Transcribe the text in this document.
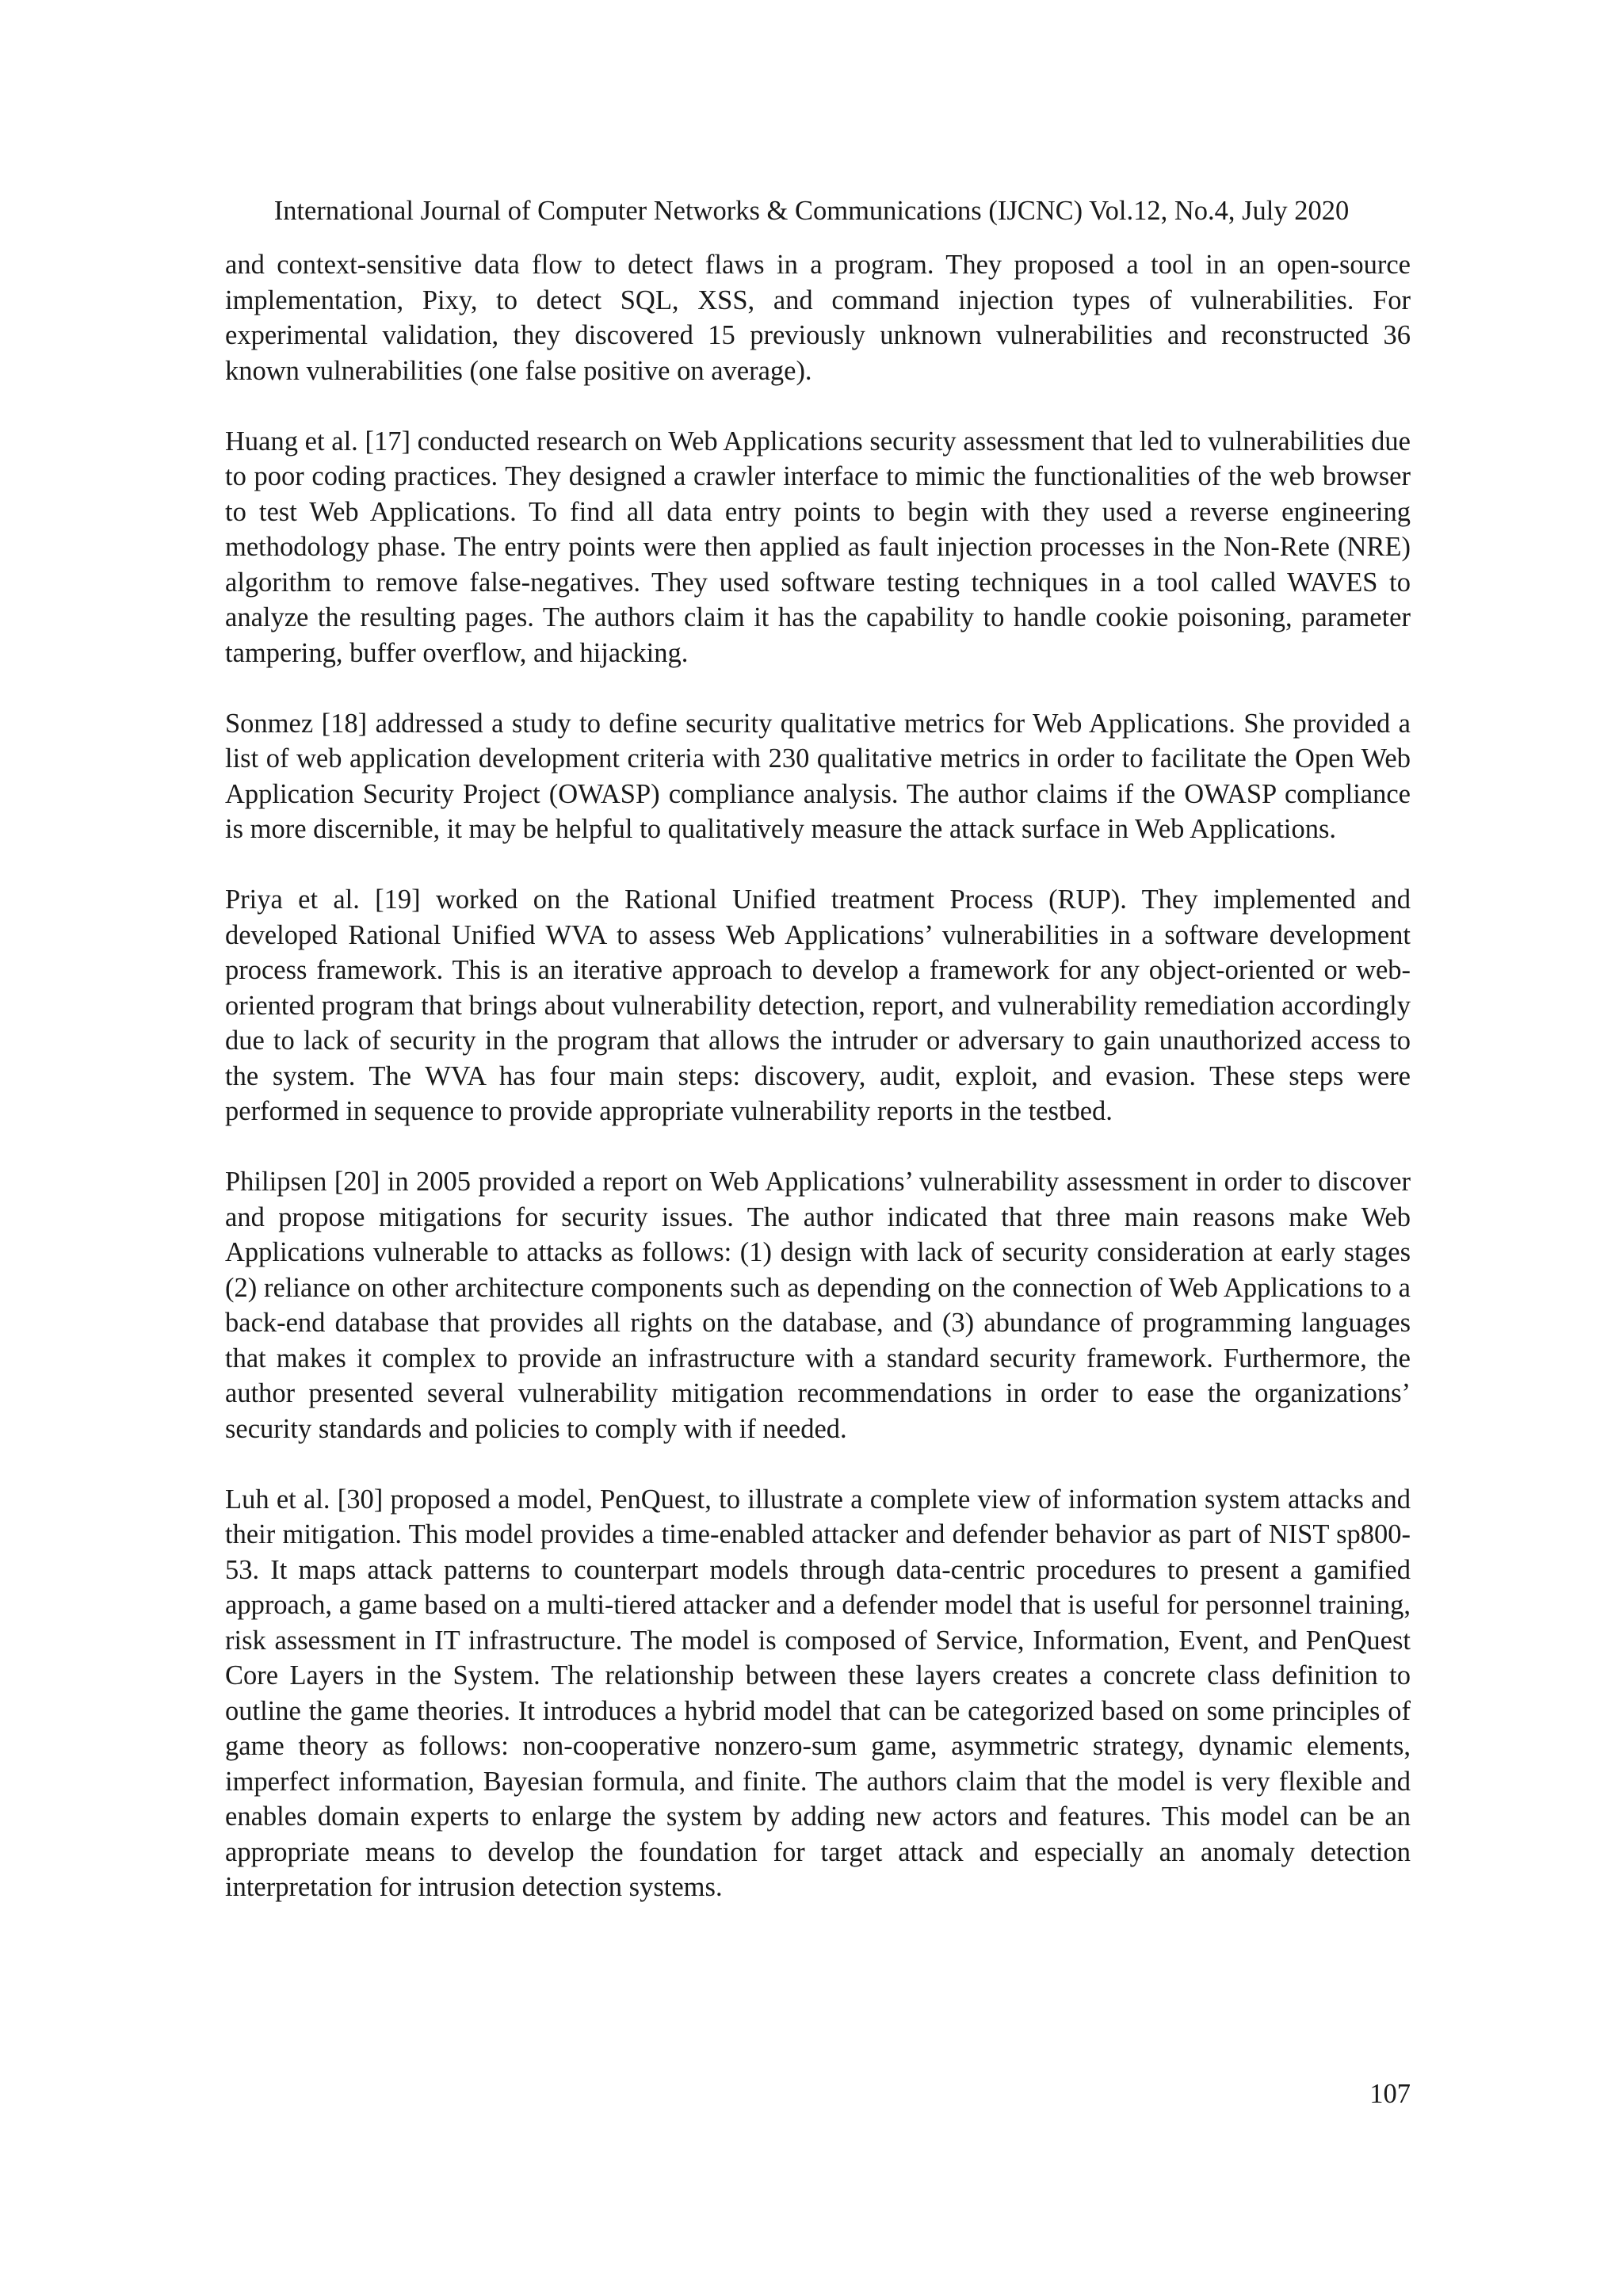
International Journal of Computer Networks & Communications (IJCNC) Vol.12, No.4, July 2020

and context-sensitive data flow to detect flaws in a program. They proposed a tool in an open-source implementation, Pixy, to detect SQL, XSS, and command injection types of vulnerabilities. For experimental validation, they discovered 15 previously unknown vulnerabilities and reconstructed 36 known vulnerabilities (one false positive on average).

Huang et al. [17] conducted research on Web Applications security assessment that led to vulnerabilities due to poor coding practices. They designed a crawler interface to mimic the functionalities of the web browser to test Web Applications. To find all data entry points to begin with they used a reverse engineering methodology phase. The entry points were then applied as fault injection processes in the Non-Rete (NRE) algorithm to remove false-negatives. They used software testing techniques in a tool called WAVES to analyze the resulting pages. The authors claim it has the capability to handle cookie poisoning, parameter tampering, buffer overflow, and hijacking.

Sonmez [18] addressed a study to define security qualitative metrics for Web Applications. She provided a list of web application development criteria with 230 qualitative metrics in order to facilitate the Open Web Application Security Project (OWASP) compliance analysis. The author claims if the OWASP compliance is more discernible, it may be helpful to qualitatively measure the attack surface in Web Applications.

Priya et al. [19] worked on the Rational Unified treatment Process (RUP). They implemented and developed Rational Unified WVA to assess Web Applications’ vulnerabilities in a software development process framework. This is an iterative approach to develop a framework for any object-oriented or web-oriented program that brings about vulnerability detection, report, and vulnerability remediation accordingly due to lack of security in the program that allows the intruder or adversary to gain unauthorized access to the system. The WVA has four main steps: discovery, audit, exploit, and evasion. These steps were performed in sequence to provide appropriate vulnerability reports in the testbed.

Philipsen [20] in 2005 provided a report on Web Applications’ vulnerability assessment in order to discover and propose mitigations for security issues. The author indicated that three main reasons make Web Applications vulnerable to attacks as follows: (1) design with lack of security consideration at early stages (2) reliance on other architecture components such as depending on the connection of Web Applications to a back-end database that provides all rights on the database, and (3) abundance of programming languages that makes it complex to provide an infrastructure with a standard security framework. Furthermore, the author presented several vulnerability mitigation recommendations in order to ease the organizations’ security standards and policies to comply with if needed.

Luh et al. [30] proposed a model, PenQuest, to illustrate a complete view of information system attacks and their mitigation. This model provides a time-enabled attacker and defender behavior as part of NIST sp800-53. It maps attack patterns to counterpart models through data-centric procedures to present a gamified approach, a game based on a multi-tiered attacker and a defender model that is useful for personnel training, risk assessment in IT infrastructure. The model is composed of Service, Information, Event, and PenQuest Core Layers in the System. The relationship between these layers creates a concrete class definition to outline the game theories. It introduces a hybrid model that can be categorized based on some principles of game theory as follows: non-cooperative nonzero-sum game, asymmetric strategy, dynamic elements, imperfect information, Bayesian formula, and finite. The authors claim that the model is very flexible and enables domain experts to enlarge the system by adding new actors and features. This model can be an appropriate means to develop the foundation for target attack and especially an anomaly detection interpretation for intrusion detection systems.

107
